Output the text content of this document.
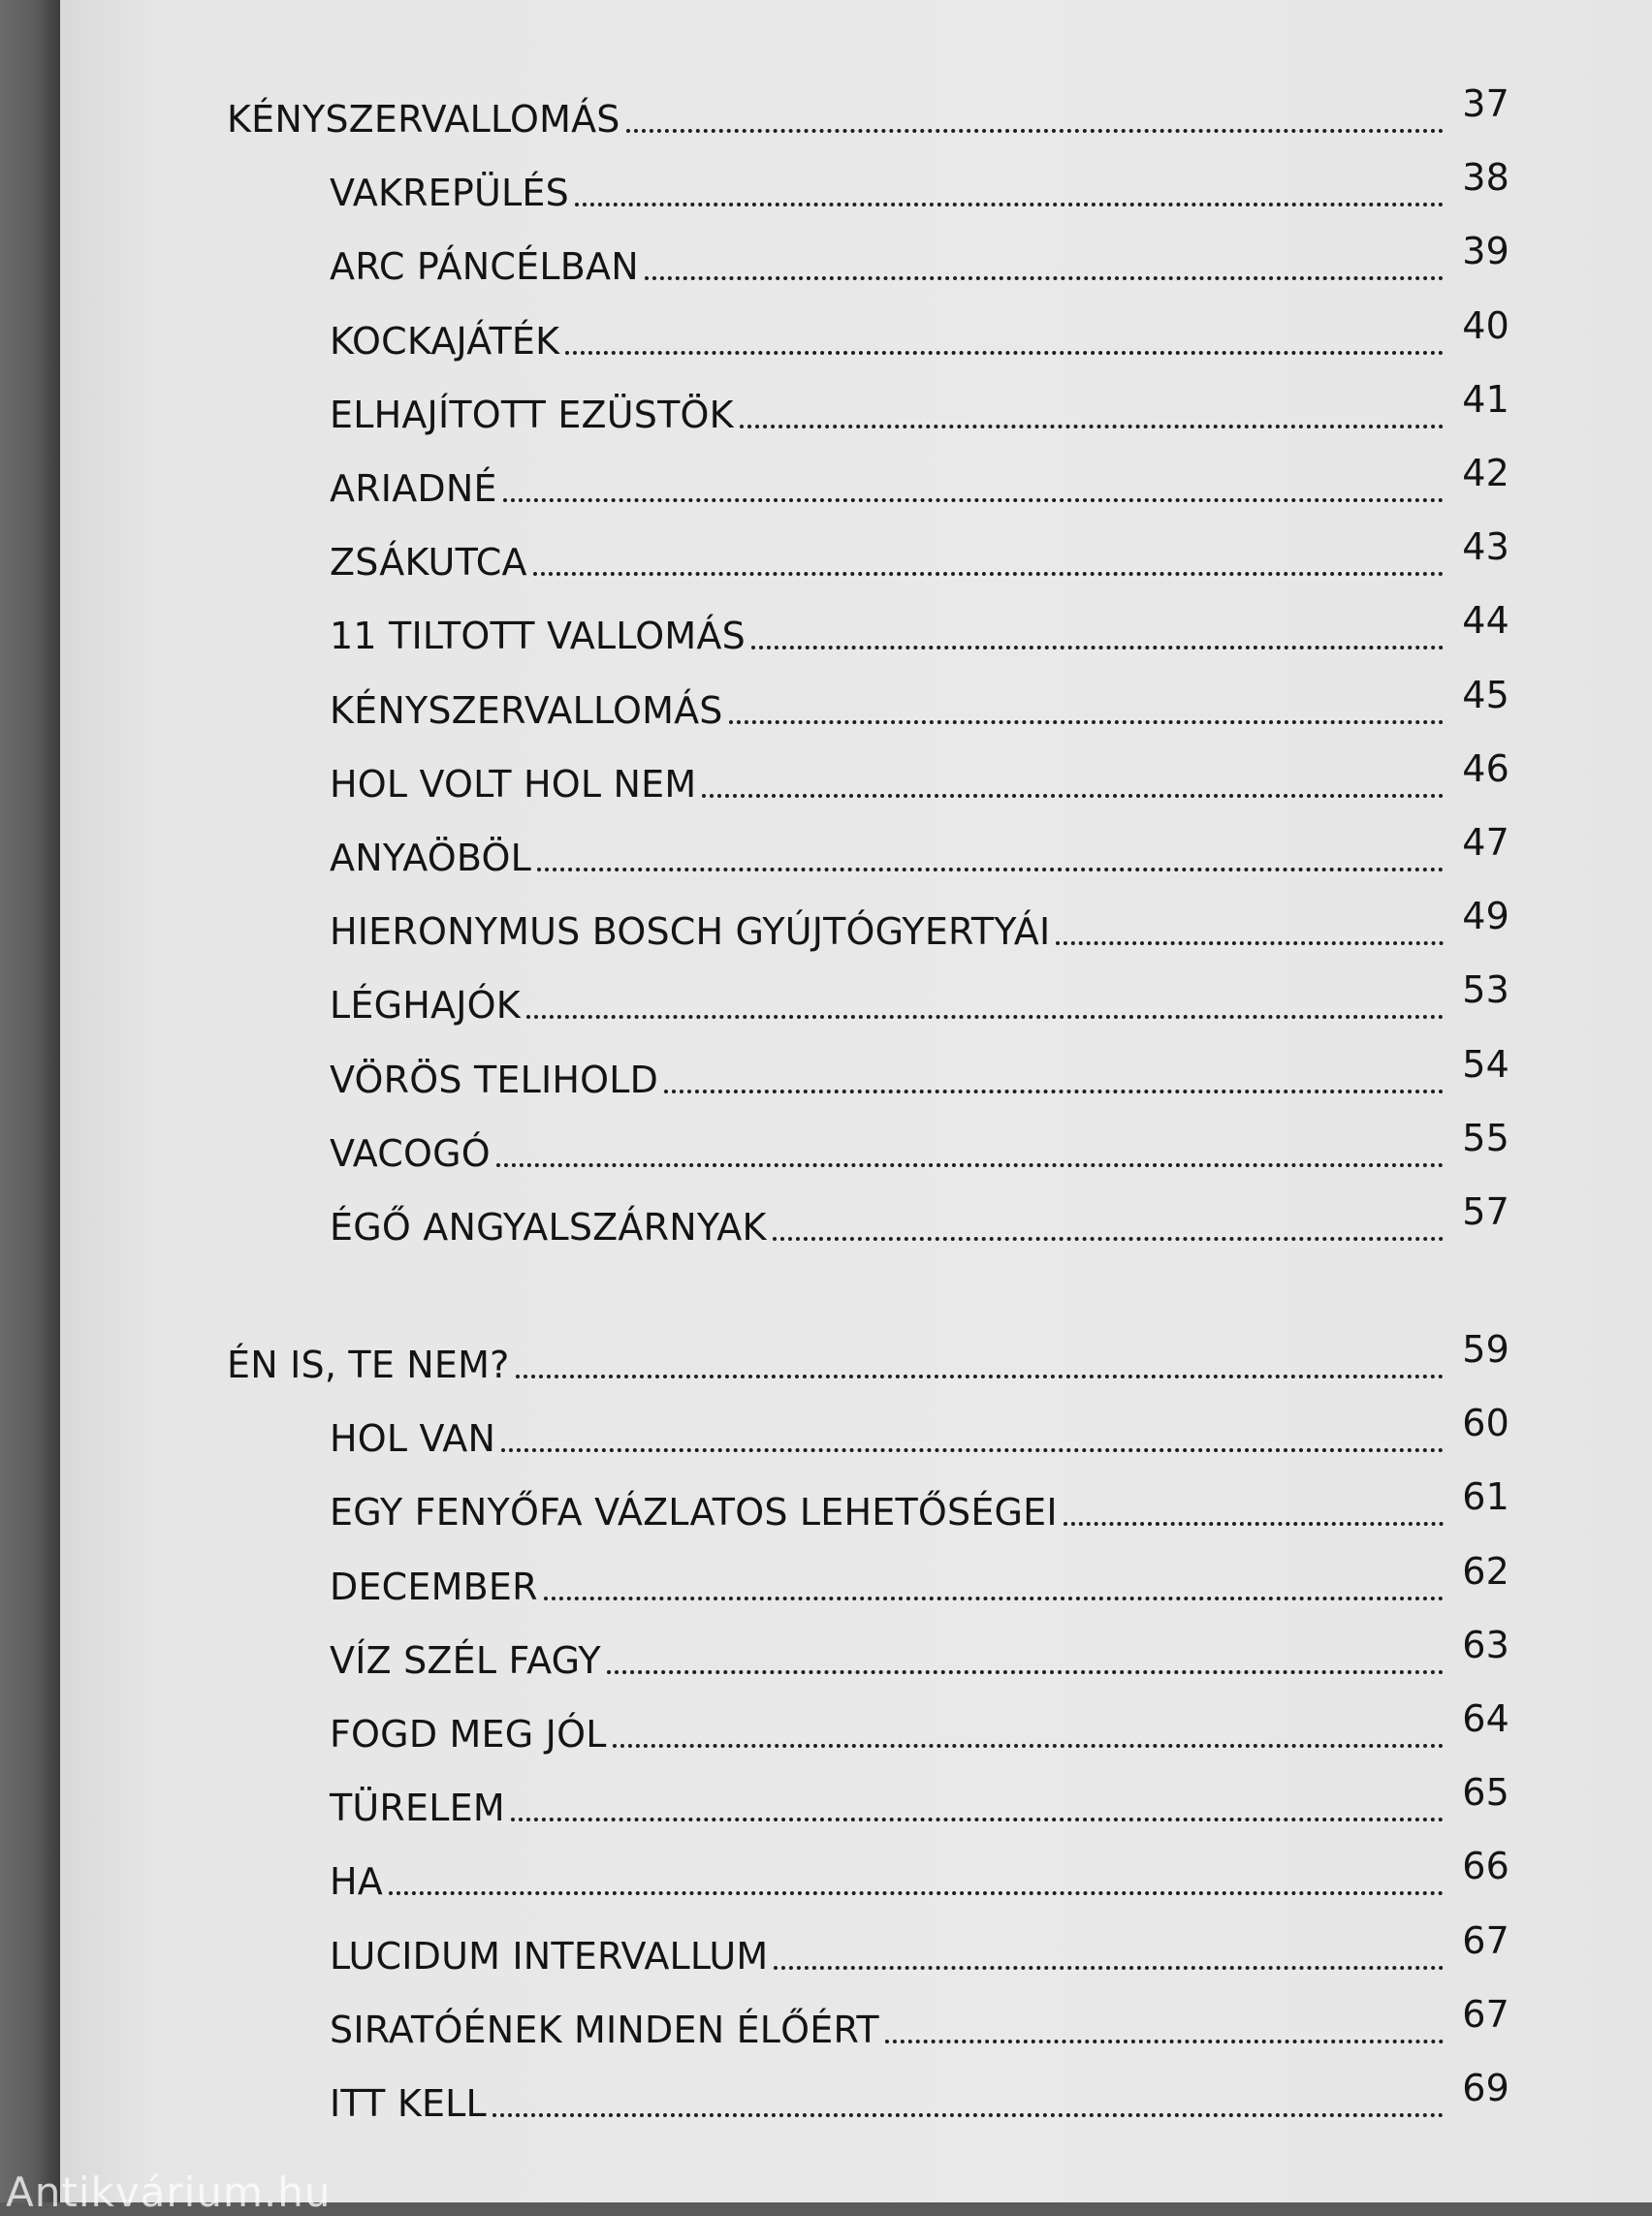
KÉNYSZERVALLOMÁS	37
VAKREPÜLÉS	38
ARC PÁNCÉLBAN	39
KOCKAJÁTÉK	40
ELHAJÍTOTT EZÜSTÖK	41
ARIADNÉ	42
ZSÁKUTCA	43
11 TILTOTT VALLOMÁS	44
KÉNYSZERVALLOMÁS	45
HOL VOLT HOL NEM	46
ANYAÖBÖL	47
HIERONYMUS BOSCH GYÚJTÓGYERTYÁI	49
LÉGHAJÓK	53
VÖRÖS TELIHOLD	54
VACOGÓ	55
ÉGŐ ANGYALSZÁRNYAK	57
ÉN IS, TE NEM?	59
HOL VAN	60
EGY FENYŐFA VÁZLATOS LEHETŐSÉGEI	61
DECEMBER	62
VÍZ SZÉL FAGY	63
FOGD MEG JÓL	64
TÜRELEM	65
HA	66
LUCIDUM INTERVALLUM	67
SIRATÓÉNEK MINDEN ÉLŐÉRT	67
ITT KELL	69
Antikvárium.hu
